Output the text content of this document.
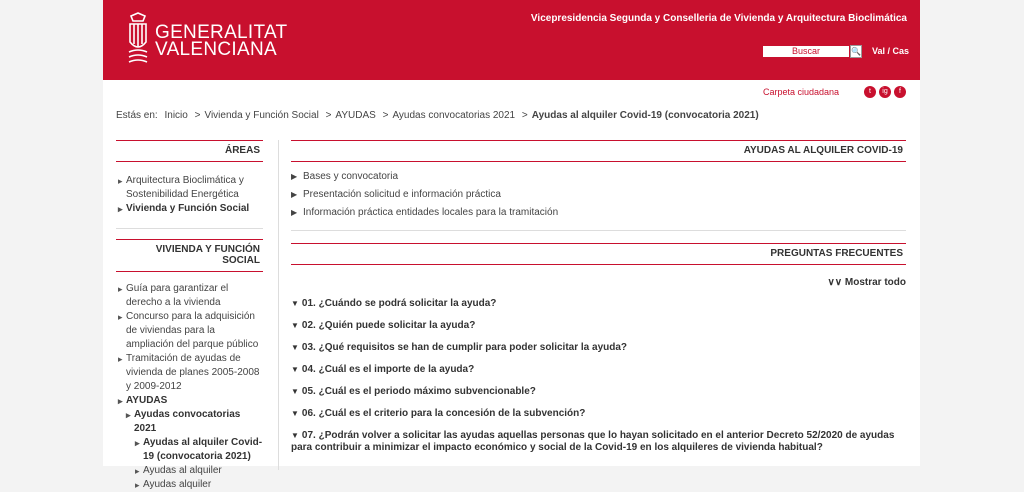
GENERALITAT
VALENCIANA
Vicepresidencia Segunda y Conselleria de Vivienda y Arquitectura Bioclimática
Buscar	🔍 Val / Cas
Carpeta ciudadana	t	ig	f
Estás en: Inicio > Vivienda y Función Social > AYUDAS > Ayudas convocatorias 2021 > Ayudas al alquiler Covid-19 (convocatoria 2021)
ÁREAS
▸ Arquitectura Bioclimática y Sostenibilidad Energética
▸ Vivienda y Función Social
VIVIENDA Y FUNCIÓN SOCIAL
▸ Guía para garantizar el derecho a la vivienda
▸ Concurso para la adquisición de viviendas para la ampliación del parque público
▸ Tramitación de ayudas de vivienda de planes 2005-2008 y 2009-2012
▸ AYUDAS
▸ Ayudas convocatorias 2021
▸ Ayudas al alquiler Covid-19 (convocatoria 2021)
▸ Ayudas al alquiler
▸ Ayudas alquiler
AYUDAS AL ALQUILER COVID-19
▶ Bases y convocatoria
▶ Presentación solicitud e información práctica
▶ Información práctica entidades locales para la tramitación
PREGUNTAS FRECUENTES
∨∨ Mostrar todo
▼ 01. ¿Cuándo se podrá solicitar la ayuda?
▼ 02. ¿Quién puede solicitar la ayuda?
▼ 03. ¿Qué requisitos se han de cumplir para poder solicitar la ayuda?
▼ 04. ¿Cuál es el importe de la ayuda?
▼ 05. ¿Cuál es el periodo máximo subvencionable?
▼ 06. ¿Cuál es el criterio para la concesión de la subvención?
▼ 07. ¿Podrán volver a solicitar las ayudas aquellas personas que lo hayan solicitado en el anterior Decreto 52/2020 de ayudas para contribuir a minimizar el impacto económico y social de la Covid-19 en los alquileres de vivienda habitual?
